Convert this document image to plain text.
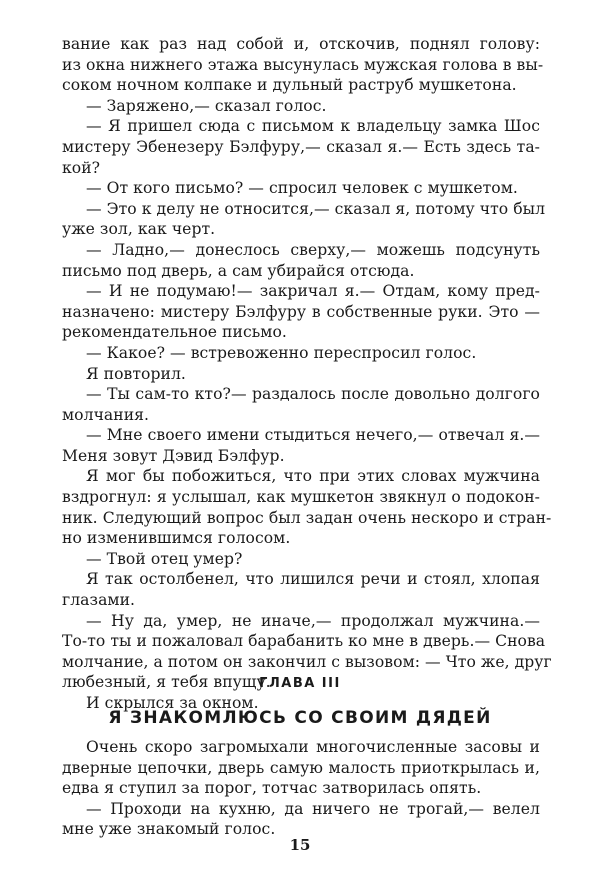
вание как раз над собой и, отскочив, поднял голову:
из окна нижнего этажа высунулась мужская голова в вы-
соком ночном колпаке и дульный раструб мушкетона.
— Заряжено,— сказал голос.
— Я пришел сюда с письмом к владельцу замка Шос
мистеру Эбенезеру Бэлфуру,— сказал я.— Есть здесь та-
кой?
— От кого письмо? — спросил человек с мушкетом.
— Это к делу не относится,— сказал я, потому что был
уже зол, как черт.
— Ладно,— донеслось сверху,— можешь подсунуть
письмо под дверь, а сам убирайся отсюда.
— И не подумаю!— закричал я.— Отдам, кому пред-
назначено: мистеру Бэлфуру в собственные руки. Это —
рекомендательное письмо.
— Какое? — встревоженно переспросил голос.
Я повторил.
— Ты сам-то кто?— раздалось после довольно долгого
молчания.
— Мне своего имени стыдиться нечего,— отвечал я.—
Меня зовут Дэвид Бэлфур.
Я мог бы побожиться, что при этих словах мужчина
вздрогнул: я услышал, как мушкетон звякнул о подокон-
ник. Следующий вопрос был задан очень нескоро и стран-
но изменившимся голосом.
— Твой отец умер?
Я так остолбенел, что лишился речи и стоял, хлопая
глазами.
— Ну да, умер, не иначе,— продолжал мужчина.—
То-то ты и пожаловал барабанить ко мне в дверь.— Снова
молчание, а потом он закончил с вызовом: — Что же, друг
любезный, я тебя впущу.
И скрылся за окном.
ГЛАВА III
Я ЗНАКОМЛЮСЬ СО СВОИМ ДЯДЕЙ
Очень скоро загромыхали многочисленные засовы и
дверные цепочки, дверь самую малость приоткрылась и,
едва я ступил за порог, тотчас затворилась опять.
— Проходи на кухню, да ничего не трогай,— велел
мне уже знакомый голос.
15
